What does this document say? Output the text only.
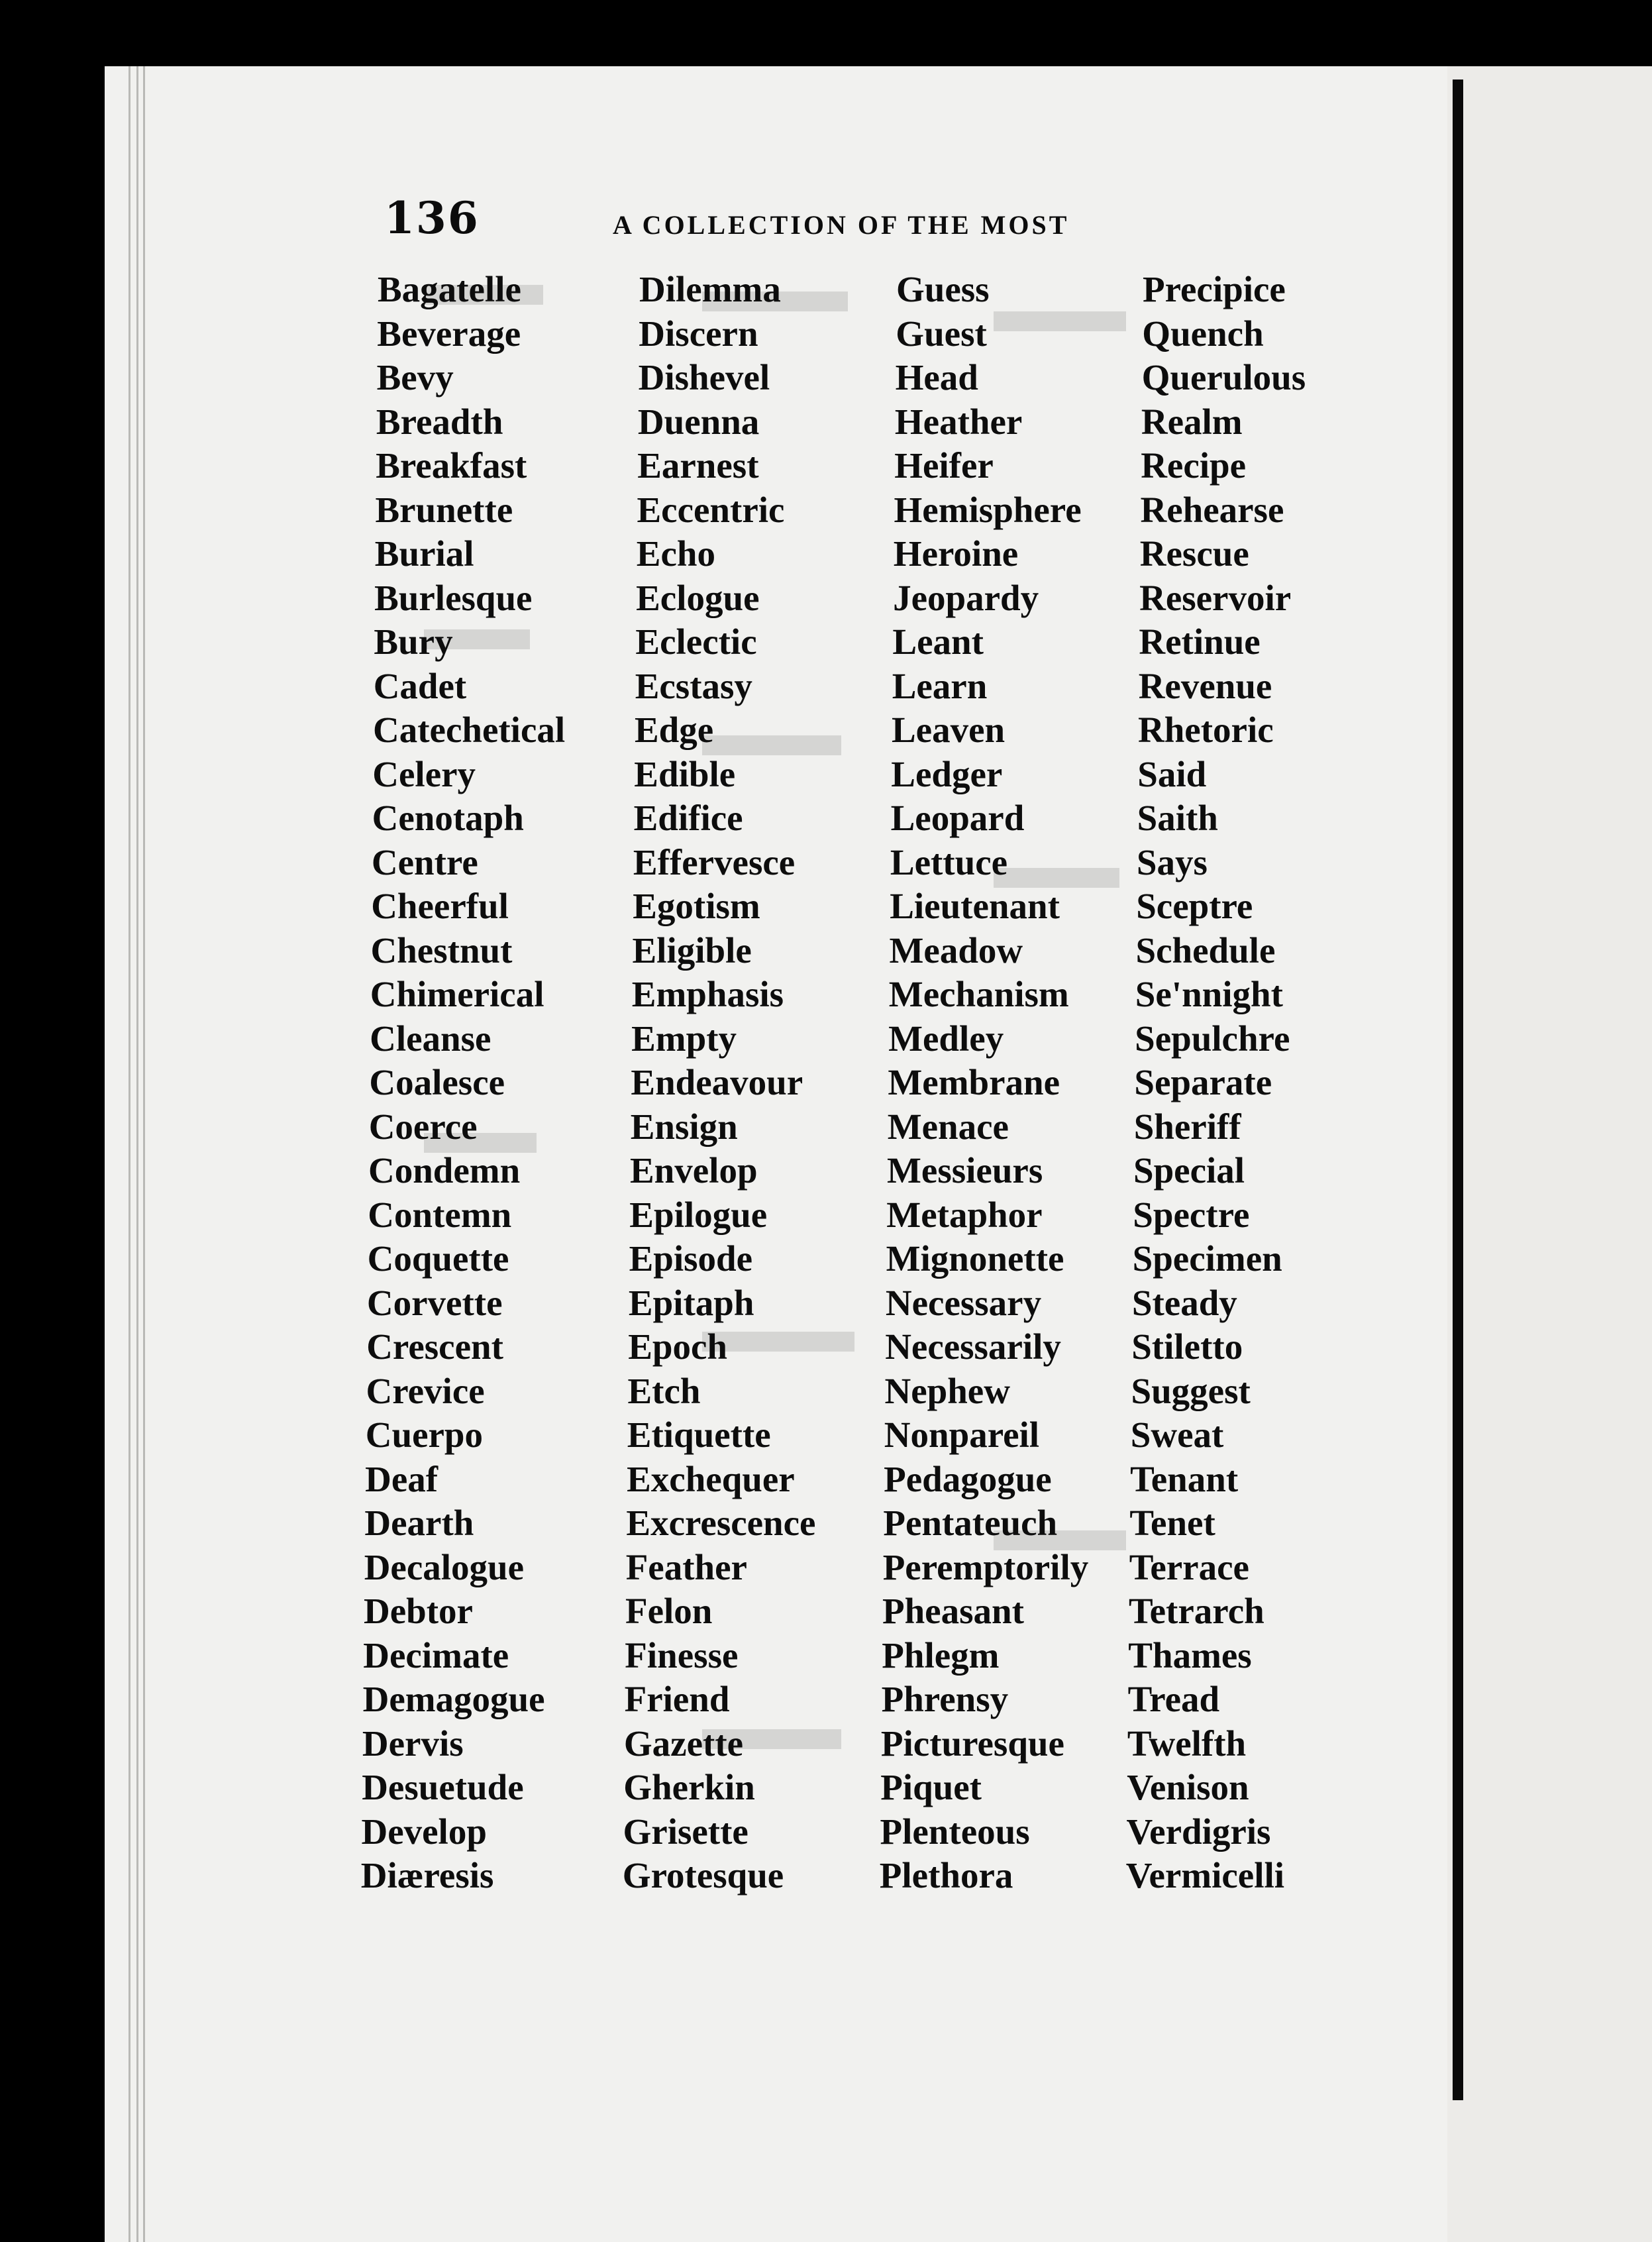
136	A COLLECTION OF THE MOST
Bagatelle
Beverage
Bevy
Breadth
Breakfast
Brunette
Burial
Burlesque
Bury
Cadet
Catechetical
Celery
Cenotaph
Centre
Cheerful
Chestnut
Chimerical
Cleanse
Coalesce
Coerce
Condemn
Contemn
Coquette
Corvette
Crescent
Crevice
Cuerpo
Deaf
Dearth
Decalogue
Debtor
Decimate
Demagogue
Dervis
Desuetude
Develop
Diæresis
Dilemma
Discern
Dishevel
Duenna
Earnest
Eccentric
Echo
Eclogue
Eclectic
Ecstasy
Edge
Edible
Edifice
Effervesce
Egotism
Eligible
Emphasis
Empty
Endeavour
Ensign
Envelop
Epilogue
Episode
Epitaph
Epoch
Etch
Etiquette
Exchequer
Excrescence
Feather
Felon
Finesse
Friend
Gazette
Gherkin
Grisette
Grotesque
Guess
Guest
Head
Heather
Heifer
Hemisphere
Heroine
Jeopardy
Leant
Learn
Leaven
Ledger
Leopard
Lettuce
Lieutenant
Meadow
Mechanism
Medley
Membrane
Menace
Messieurs
Metaphor
Mignonette
Necessary
Necessarily
Nephew
Nonpareil
Pedagogue
Pentateuch
Peremptorily
Pheasant
Phlegm
Phrensy
Picturesque
Piquet
Plenteous
Plethora
Precipice
Quench
Querulous
Realm
Recipe
Rehearse
Rescue
Reservoir
Retinue
Revenue
Rhetoric
Said
Saith
Says
Sceptre
Schedule
Se'nnight
Sepulchre
Separate
Sheriff
Special
Spectre
Specimen
Steady
Stiletto
Suggest
Sweat
Tenant
Tenet
Terrace
Tetrarch
Thames
Tread
Twelfth
Venison
Verdigris
Vermicelli
